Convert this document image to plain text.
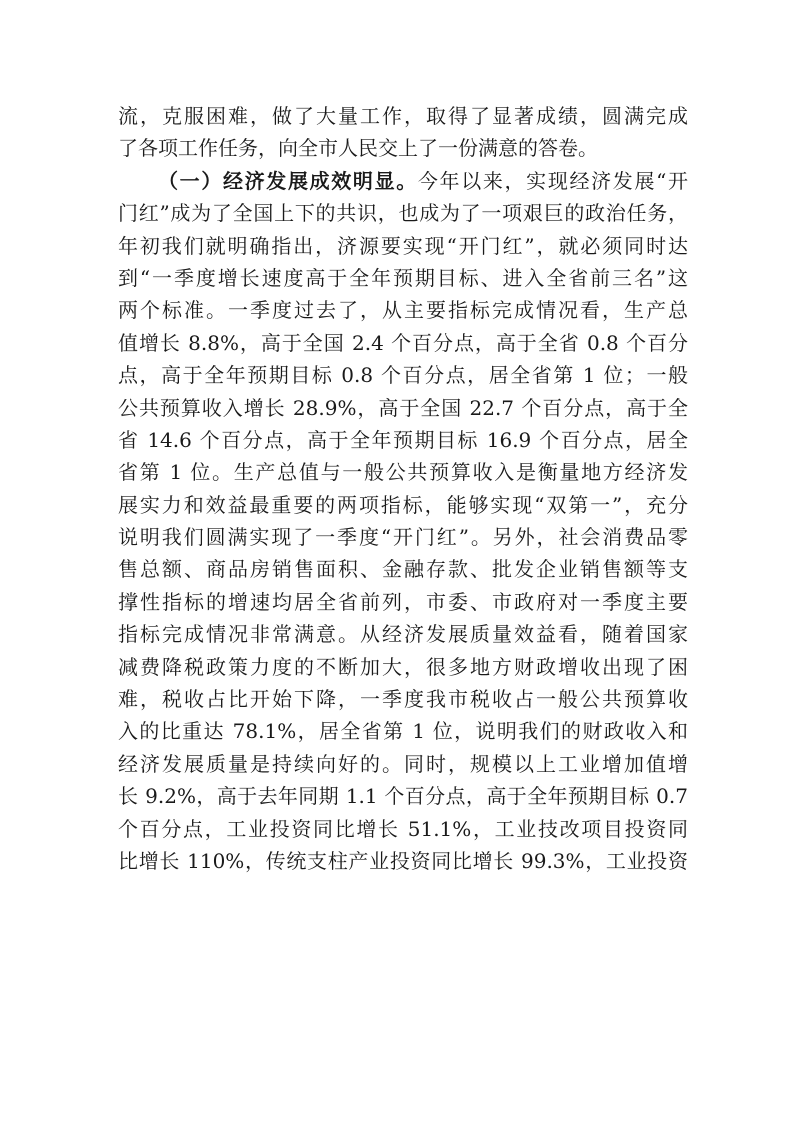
流，克服困难，做了大量工作，取得了显著成绩，圆满完成
了各项工作任务，向全市人民交上了一份满意的答卷。
（一）经济发展成效明显。今年以来，实现经济发展“开
门红”成为了全国上下的共识，也成为了一项艰巨的政治任务，
年初我们就明确指出，济源要实现“开门红”，就必须同时达
到“一季度增长速度高于全年预期目标、进入全省前三名”这
两个标准。一季度过去了，从主要指标完成情况看，生产总
值增长 8.8%，高于全国 2.4 个百分点，高于全省 0.8 个百分
点，高于全年预期目标 0.8 个百分点，居全省第 1 位；一般
公共预算收入增长 28.9%，高于全国 22.7 个百分点，高于全
省 14.6 个百分点，高于全年预期目标 16.9 个百分点，居全
省第 1 位。生产总值与一般公共预算收入是衡量地方经济发
展实力和效益最重要的两项指标，能够实现“双第一”，充分
说明我们圆满实现了一季度“开门红”。另外，社会消费品零
售总额、商品房销售面积、金融存款、批发企业销售额等支
撑性指标的增速均居全省前列，市委、市政府对一季度主要
指标完成情况非常满意。从经济发展质量效益看，随着国家
减费降税政策力度的不断加大，很多地方财政增收出现了困
难，税收占比开始下降，一季度我市税收占一般公共预算收
入的比重达 78.1%，居全省第 1 位，说明我们的财政收入和
经济发展质量是持续向好的。同时，规模以上工业增加值增
长 9.2%，高于去年同期 1.1 个百分点，高于全年预期目标 0.7
个百分点，工业投资同比增长 51.1%，工业技改项目投资同
比增长 110%，传统支柱产业投资同比增长 99.3%，工业投资
